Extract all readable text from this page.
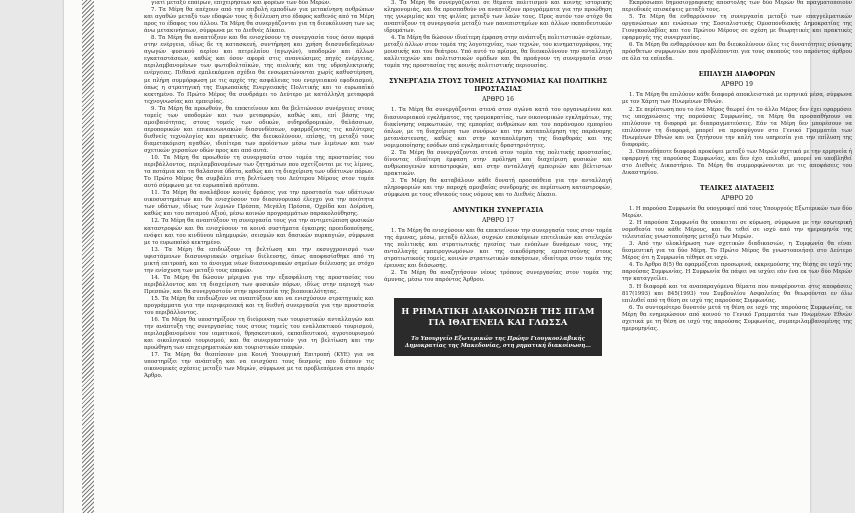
γιατί μεταξύ επαίρων, επιχειρήσεων και φορέων των δύο Μερών.

7. Τα Μέρη θα απέχουν από την επιβολή εμποδίων για μετακίνηση ανθρώπων και αγαθών μεταξύ των εδαφών τους ή διέλευση στο έδαφος καθενός από τα Μέρη προς το έδαφος του άλλου. Τα Μέρη θα συνεργάζονται για τη διευκόλυνση των ως άνω μετακινήσεων, σύμφωνα με το Διεθνές Δίκαιο.

8. Τα Μέρη θα αναπτύξουν και θα ενισχύσουν τη συνεργασία τους όσον αφορά στην ενέργεια, ιδίως δε τη κατασκευή, συντήρηση και χρήση διασυνδεδεμένων αγωγών φυσικού αερίου και πετρελαίου (αγωγών), υποδομών και άλλων εγκαταστάσεων, καθώς και όσον αφορά στις ανανεώσιμες πηγές ενέργειας, περιλαμβανομένων των φωτοβολταϊκών, της αιολικής και της υδροηλεκτρικής ενέργειας. Πιθανά εμπλεκόμενα σχέδια θα ενσωματώνονται χωρίς καθυστέρηση, με πλήρη συμμόρφωση με τις αρχές της ασφάλειας του ενεργειακού εφοδιασμού, όπως η στρατηγική της Ευρωπαϊκής Ενεργειακής Πολιτικής και το ευρωπαϊκό κεκτημένο. Το Πρώτο Μέρος θα συνδράμει το Δεύτερο με κατάλληλη μεταφορά τεχνογνωσίας και εμπειρίας.

9. Τα Μέρη θα προωθούν, θα επεκτείνουν και θα βελτιώνουν συνέργειες στους τομείς των υποδομών και των μεταφορών, καθώς και, επί βάσης της αμοιβαιότητας, στους τομείς των οδικών, σιδηροδρομικών, θαλάσσιων, αεροπορικών και επικοινωνιακών διασυνδέσεων, εφαρμόζοντας τις καλύτερες διεθνείς τεχνολογίες και πρακτικές. Θα διευκολύνουν, επίσης, τη μεταξύ τους διαμετακόμιση αγαθών, ιδιαίτερα των προϊόντων μέσω των λιμένων και των σχετικών χερσαίων οδών προς και από αυτά.

10. Τα Μέρη θα προωθούν τη συνεργασία στον τομέα της προστασίας του περιβάλλοντος, περιλαμβανομένων των ζητημάτων που σχετίζονται με τις λίμνες, τα ποτάμια και τα θαλάσσια ύδατα, καθώς και τη διαχείριση των υδάτινων πόρων. Το Πρώτο Μέρος θα συμβάλει στη βελτίωση του Δεύτερου Μέρους στον τομέα αυτό σύμφωνα με τα ευρωπαϊκά πρότυπα.

11. Τα Μέρη θα αναλάβουν κοινές δράσεις για την προστασία των υδάτινων οικοσυστημάτων και θα ενισχύσουν τον διασυνοριακό έλεγχο για την ποιότητα των υδάτων, ιδίως των λιμνών Πρέσπα, Μεγάλη Πρέσπα, Οχρίδα και Δοϊράνη, καθώς και του ποταμού Αξιού, μέσω κοινών προγραμμάτων παρακολούθησης.

12. Τα Μέρη θα αναπτύξουν τη συνεργασία τους για την αντιμετώπιση φυσικών καταστροφών και θα ενισχύσουν τα κοινά συστήματα έγκαιρης προειδοποίησης, ενόψει και του κινδύνου πλημμυρών, σεισμών και δασικών πυρκαγιών, σύμφωνα με το ευρωπαϊκό κεκτημένο.

13. Τα Μέρη θα επιδιώξουν τη βελτίωση και την εκσυγχρονισμό των υφιστάμενων διασυνοριακών σημείων διέλευσης, όπως αποφασίσθηκε από τη μικτή επιτροπή, και το άνοιγμα νέων διασυνοριακών σημείων διέλευσης με στόχο την ενίσχυση των μεταξύ τους επαφών.

14. Τα Μέρη θα δώσουν μέριμνα για την εξασφάλιση της προστασίας του περιβάλλοντος και τη διαχείριση των φυσικών πόρων, ιδίως στην περιοχή των Πρεσπών, και θα συνεργαστούν στην προστασία της βιοποικιλότητας.

15. Τα Μέρη θα επιδιώξουν να αναπτύξουν και να ενισχύσουν στρατηγικές και προγράμματα για την περιφερειακή και τη διεθνή συνεργασία για την προστασία του περιβάλλοντος.

16. Τα Μέρη θα υποστηρίξουν τη διεύρυνση των τουριστικών ανταλλαγών και την ανάπτυξη της συνεργασίας τους στους τομείς του εναλλακτικού τουρισμού, περιλαμβανομένου του ιαματικού, θρησκευτικού, εκπαιδευτικού, αγροτουρισμού και οικολογικού τουρισμού, και θα συνεργαστούν για τη βελτίωση και την προώθηση των επιχειρηματικών και τουριστικών επαφών.

17. Τα Μέρη θα θεσπίσουν μια Κοινή Υπουργική Επιτροπή (ΚΥΕ) για να υποστηρίξει την ανάπτυξη και να ενισχύσει τους δεσμούς που διέπουν τις οικονομικές σχέσεις μεταξύ των Μερών, σύμφωνα με τα προβλεπόμενα στο παρόν Άρθρο.

3. Τα Μέρη θα συνεργάζονται σε θέματα πολιτισμού και κοινής ιστορικής κληρονομιάς, και θα προσπαθούν να αναπτύξουν προγράμματα για την προώθηση της γνωριμίας και της φιλίας μεταξύ των λαών τους. Προς αυτόν τον στόχο θα αναπτύξουν τη συνεργασία μεταξύ των πανεπιστημίων και άλλων εκπαιδευτικών ιδρυμάτων.

4. Τα Μέρη θα δώσουν ιδιαίτερη έμφαση στην ανάπτυξη πολιτιστικών σχέσεων, μεταξύ άλλων στον τομέα της λογοτεχνίας, των τεχνών, του κινηματογράφου, της μουσικής και του θεάτρου. Υπό αυτό το πρίσμα, θα διευκολύνουν την ανταλλαγή καλλιτεχνών και πολιτιστικών ομάδων και θα προάγουν τη συνεργασία στον τομέα της προστασίας της κοινής πολιτιστικής περιουσίας.

ΣΥΝΕΡΓΑΣΙΑ ΣΤΟΥΣ ΤΟΜΕΙΣ ΑΣΤΥΝΟΜΙΑΣ ΚΑΙ ΠΟΛΙΤΙΚΗΣ ΠΡΟΣΤΑΣΙΑΣ
ΑΡΘΡΟ 16

1. Τα Μέρη θα συνεργάζονται στενά στον αγώνα κατά του οργανωμένου και διασυνοριακού εγκλήματος, της τρομοκρατίας, των οικονομικών εγκλημάτων, της διακίνησης ναρκωτικών, της εμπορίας ανθρώπων και του παράνομου εμπορίου όπλων, με τη διαχείριση των συνόρων και την καταπολέμηση της παράνομης μετανάστευσης, καθώς και στην καταπολέμηση της διαφθοράς και της νομιμοποίησης εσόδων από εγκληματικές δραστηριότητες.

2. Τα Μέρη θα συνεργάζονται στενά στον τομέα της πολιτικής προστασίας, δίνοντας ιδιαίτερη έμφαση στην πρόληψη και διαχείριση φυσικών και ανθρωπογενών καταστροφών, και στην ανταλλαγή εμπειριών και βέλτιστων πρακτικών.

3. Τα Μέρη θα καταβάλουν κάθε δυνατή προσπάθεια για την ανταλλαγή πληροφοριών και την παροχή αμοιβαίας συνδρομής σε περίπτωση καταστροφών, σύμφωνα με τους εθνικούς τους νόμους και το Διεθνές Δίκαιο.

ΑΜΥΝΤΙΚΗ ΣΥΝΕΡΓΑΣΙΑ
ΑΡΘΡΟ 17

1. Τα Μέρη θα ενισχύσουν και θα επεκτείνουν την συνεργασία τους στον τομέα της άμυνας, μέσω, μεταξύ άλλων, συχνών επισκέψεων επιτελικών και στελεχών της πολιτικής και στρατιωτικής ηγεσίας των ενόπλων δυνάμεων τους, της ανταλλαγής εμπειρογνωμόνων και της οικοδόμησης εμπιστοσύνης στους στρατιωτικούς τομείς, κοινών στρατιωτικών ασκήσεων, ιδιαίτερα στον τομέα της έρευνας και διάσωσης.

2. Τα Μέρη θα αναζητήσουν νέους τρόπους συνεργασίας στον τομέα της άμυνας, μέσω του παρόντος Άρθρου.

Η ΡΗΜΑΤΙΚΗ ΔΙΑΚΟΙΝΩΣΗ ΤΗΣ ΠΓΔΜ ΓΙΑ ΙΘΑΓΕΝΕΙΑ ΚΑΙ ΓΛΩΣΣΑ
Το Υπουργείο Εξωτερικών της Πρώην Γιουγκοσλαβικής Δημοκρατίας της Μακεδονίας, στη ρηματική διακοίνωση...

Εκπρόσωποι δημοσιογραφικής αποστολής των δύο Μερών θα πραγματοποιούν περιοδικές επισκέψεις μεταξύ τους.

5. Τα Μέρη θα ενθαρρύνουν τη συνεργασία μεταξύ των επαγγελματικών οργανώσεων και ενώσεων της Σοσιαλιστικής Ομοσπονδιακής Δημοκρατίας της Γιουγκοσλαβίας και του Πρώτου Μέρους σε σχέση με θεωρητικές και πρακτικές εφαρμογές της συνεργασίας.

6. Τα Μέρη θα ενθαρρύνουν και θα διευκολύνουν όλες τις δυνατότητες σύναψης πρόσθετων συμφωνιών που προβλέπονται για τους σκοπούς του παρόντος άρθρου σε όλα τα επίπεδα.

ΕΠΙΛΥΣΗ ΔΙΑΦΟΡΩΝ
ΑΡΘΡΟ 19

1. Τα Μέρη θα επιλύουν κάθε διαφορά αποκλειστικά με ειρηνικά μέσα, σύμφωνα με τον Χάρτη των Ηνωμένων Εθνών.

2. Σε περίπτωση που το ένα Μέρος θεωρεί ότι το άλλο Μέρος δεν έχει εφαρμόσει τις υποχρεώσεις της παρούσας Συμφωνίας, τα Μέρη θα προσπαθήσουν να επιλύσουν τη διαφορά με διαπραγματεύσεις. Εάν τα Μέρη δεν μπορέσουν να επιλύσουν τη διαφορά, μπορεί να προσφύγουν στο Γενικό Γραμματέα των Ηνωμένων Εθνών και να ζητήσουν την καλή του υπηρεσία για την επίλυση της διαφοράς.

3. Οποιαδήποτε διαφορά προκύψει μεταξύ των Μερών σχετικά με την ερμηνεία ή εφαρμογή της παρούσας Συμφωνίας, και δεν έχει επιλυθεί, μπορεί να υποβληθεί στο Διεθνές Δικαστήριο. Τα Μέρη θα συμμορφώνονται με τις αποφάσεις του Δικαστηρίου.

ΤΕΛΙΚΕΣ ΔΙΑΤΑΞΕΙΣ
ΑΡΘΡΟ 20

1. Η παρούσα Συμφωνία θα υπογραφεί από τους Υπουργούς Εξωτερικών των δύο Μερών.

2. Η παρούσα Συμφωνία θα υποκειται σε κύρωση, σύμφωνα με την εσωτερική νομοθεσία του κάθε Μέρους, και θα τεθεί σε ισχύ από την ημερομηνία της τελευταίας γνωστοποίησης μεταξύ των Μερών.

3. Από την ολοκλήρωση των σχετικών διαδικασιών, η Συμφωνία θα είναι δεσμευτική για τα δύο Μέρη. Το Πρώτο Μέρος θα γνωστοποιήσει στο Δεύτερο Μέρος ότι η Συμφωνία τέθηκε σε ισχύ.

4. Το Άρθρο 8(5) θα εφαρμόζεται προσωρινά, εκκρεμούσης της θέσης σε ισχύ της παρούσας Συμφωνίας. Η Συμφωνία θα πάψει να ισχύει εάν ένα εκ των δύο Μερών την καταγγείλει.

5. Η διαφορά και τα αναπαραγόμενα θέματα που αναφέρονται στις αποφάσεις 817(1993) και 845(1993) του Συμβουλίου Ασφαλείας θα θεωρούνται εν όλω επιλυθεί από τη θέση σε ισχύ της παρούσας Συμφωνίας.

6. Το συντομότερο δυνατόν μετά τη θέση σε ισχύ της παρούσας Συμφωνίας, τα Μέρη θα ενημερώσουν από κοινού το Γενικό Γραμματέα των Ηνωμένων Εθνών σχετικά με τη θέση σε ισχύ της παρούσας Συμφωνίας, συμπεριλαμβανομένης της ημερομηνίας.
